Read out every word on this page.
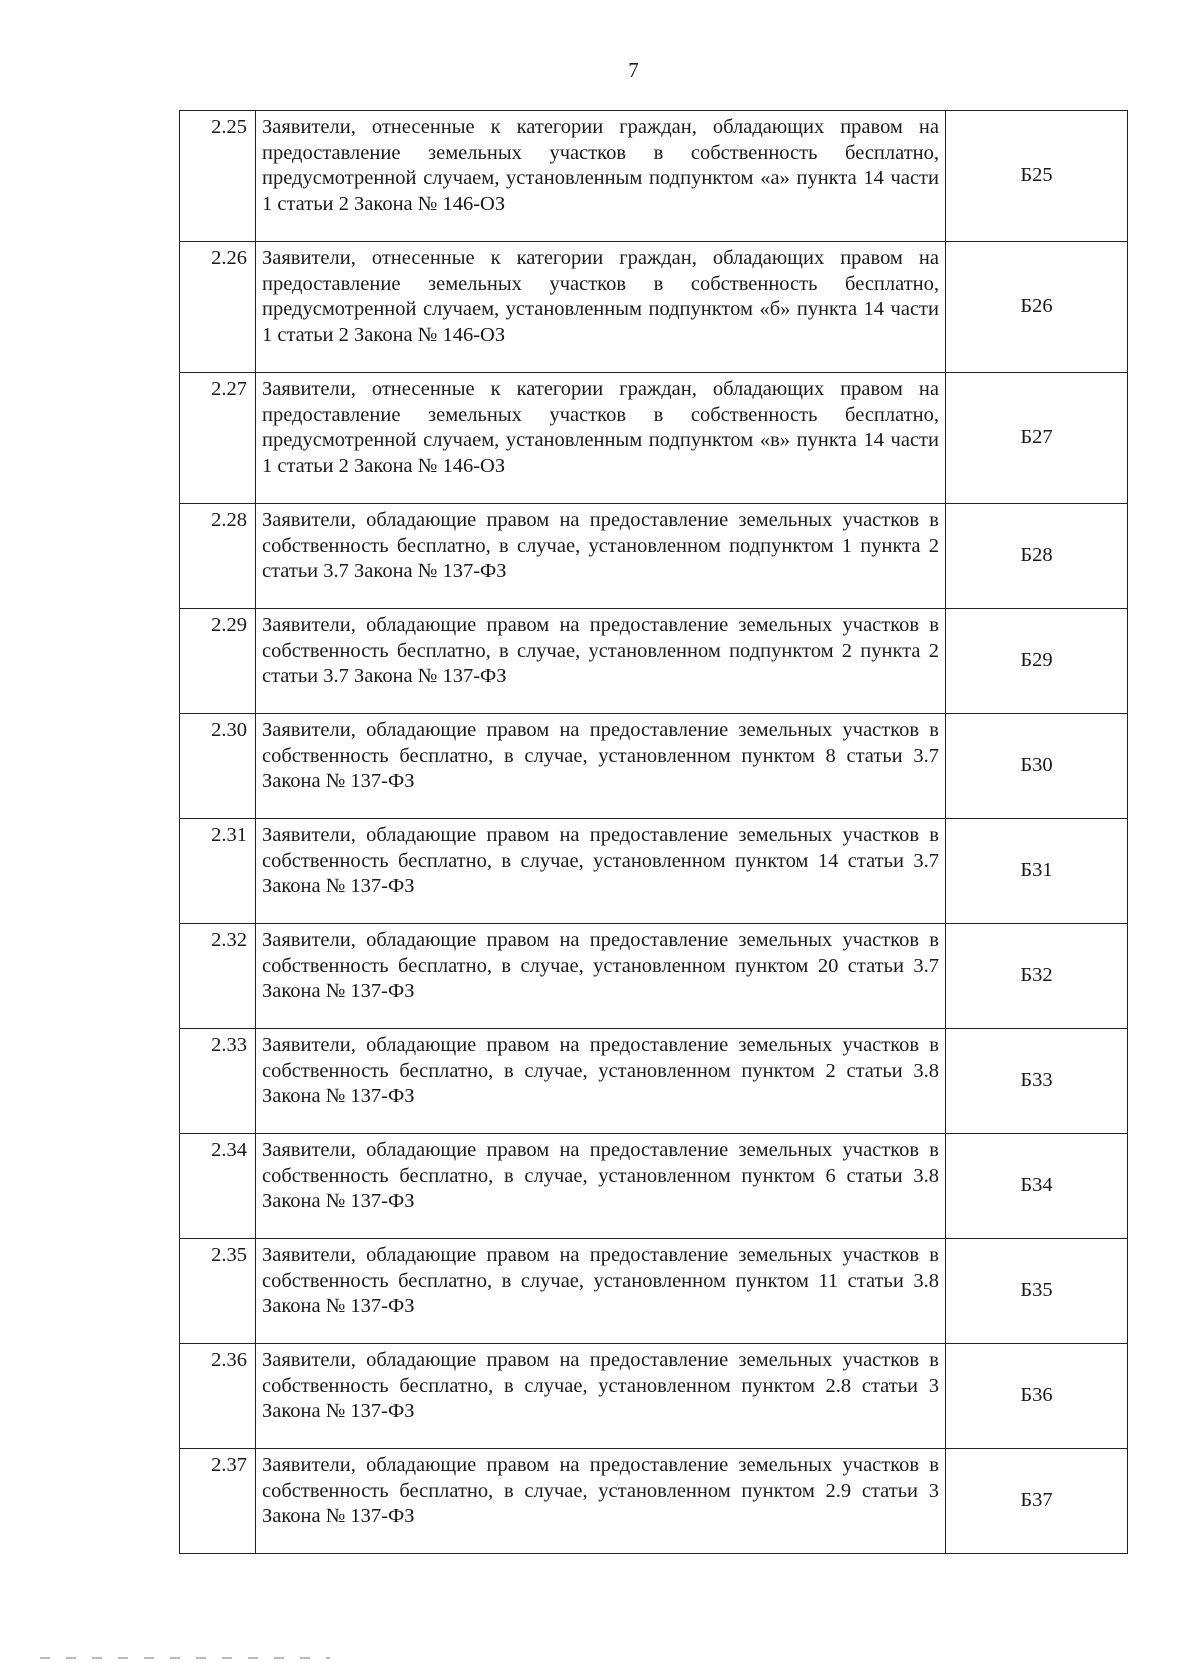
7
2.25	Заявители, отнесенные к категории граждан, обладающих правом на предоставление земельных участков в собственность бесплатно, предусмотренной случаем, установленным подпунктом «а» пункта 14 части 1 статьи 2 Закона № 146-ОЗ	Б25
2.26	Заявители, отнесенные к категории граждан, обладающих правом на предоставление земельных участков в собственность бесплатно, предусмотренной случаем, установленным подпунктом «б» пункта 14 части 1 статьи 2 Закона № 146-ОЗ	Б26
2.27	Заявители, отнесенные к категории граждан, обладающих правом на предоставление земельных участков в собственность бесплатно, предусмотренной случаем, установленным подпунктом «в» пункта 14 части 1 статьи 2 Закона № 146-ОЗ	Б27
2.28	Заявители, обладающие правом на предоставление земельных участков в собственность бесплатно, в случае, установленном подпунктом 1 пункта 2 статьи 3.7 Закона № 137-ФЗ	Б28
2.29	Заявители, обладающие правом на предоставление земельных участков в собственность бесплатно, в случае, установленном подпунктом 2 пункта 2 статьи 3.7 Закона № 137-ФЗ	Б29
2.30	Заявители, обладающие правом на предоставление земельных участков в собственность бесплатно, в случае, установленном пунктом 8 статьи 3.7 Закона № 137-ФЗ	Б30
2.31	Заявители, обладающие правом на предоставление земельных участков в собственность бесплатно, в случае, установленном пунктом 14 статьи 3.7 Закона № 137-ФЗ	Б31
2.32	Заявители, обладающие правом на предоставление земельных участков в собственность бесплатно, в случае, установленном пунктом 20 статьи 3.7 Закона № 137-ФЗ	Б32
2.33	Заявители, обладающие правом на предоставление земельных участков в собственность бесплатно, в случае, установленном пунктом 2 статьи 3.8 Закона № 137-ФЗ	Б33
2.34	Заявители, обладающие правом на предоставление земельных участков в собственность бесплатно, в случае, установленном пунктом 6 статьи 3.8 Закона № 137-ФЗ	Б34
2.35	Заявители, обладающие правом на предоставление земельных участков в собственность бесплатно, в случае, установленном пунктом 11 статьи 3.8 Закона № 137-ФЗ	Б35
2.36	Заявители, обладающие правом на предоставление земельных участков в собственность бесплатно, в случае, установленном пунктом 2.8 статьи 3 Закона № 137-ФЗ	Б36
2.37	Заявители, обладающие правом на предоставление земельных участков в собственность бесплатно, в случае, установленном пунктом 2.9 статьи 3 Закона № 137-ФЗ	Б37
